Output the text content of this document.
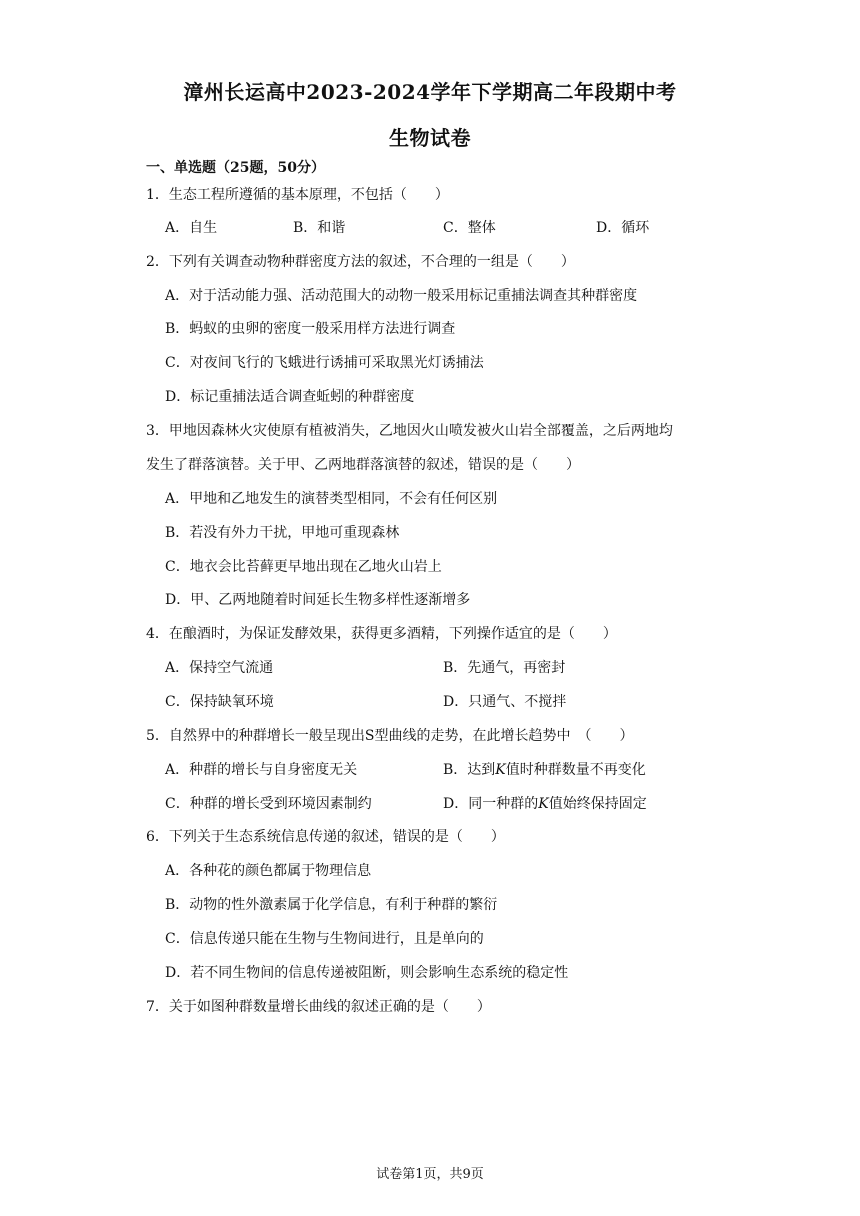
漳州长运高中2023-2024学年下学期高二年段期中考
生物试卷
一、单选题（25题，50分）
1．生态工程所遵循的基本原理，不包括（　　）
A．自生	B．和谐	C．整体	D．循环
2．下列有关调查动物种群密度方法的叙述，不合理的一组是（　　）
A．对于活动能力强、活动范围大的动物一般采用标记重捕法调查其种群密度
B．蚂蚁的虫卵的密度一般采用样方法进行调查
C．对夜间飞行的飞蛾进行诱捕可采取黑光灯诱捕法
D．标记重捕法适合调查蚯蚓的种群密度
3．甲地因森林火灾使原有植被消失，乙地因火山喷发被火山岩全部覆盖，之后两地均
发生了群落演替。关于甲、乙两地群落演替的叙述，错误的是（　　）
A．甲地和乙地发生的演替类型相同，不会有任何区别
B．若没有外力干扰，甲地可重现森林
C．地衣会比苔藓更早地出现在乙地火山岩上
D．甲、乙两地随着时间延长生物多样性逐渐增多
4．在酿酒时，为保证发酵效果，获得更多酒精，下列操作适宜的是（　　）
A．保持空气流通	B．先通气，再密封
C．保持缺氧环境	D．只通气、不搅拌
5．自然界中的种群增长一般呈现出S型曲线的走势，在此增长趋势中　（　　）
A．种群的增长与自身密度无关	B．达到K值时种群数量不再变化
C．种群的增长受到环境因素制约	D．同一种群的K值始终保持固定
6．下列关于生态系统信息传递的叙述，错误的是（　　）
A．各种花的颜色都属于物理信息
B．动物的性外激素属于化学信息，有利于种群的繁衍
C．信息传递只能在生物与生物间进行，且是单向的
D．若不同生物间的信息传递被阻断，则会影响生态系统的稳定性
7．关于如图种群数量增长曲线的叙述正确的是（　　）
试卷第1页，共9页
